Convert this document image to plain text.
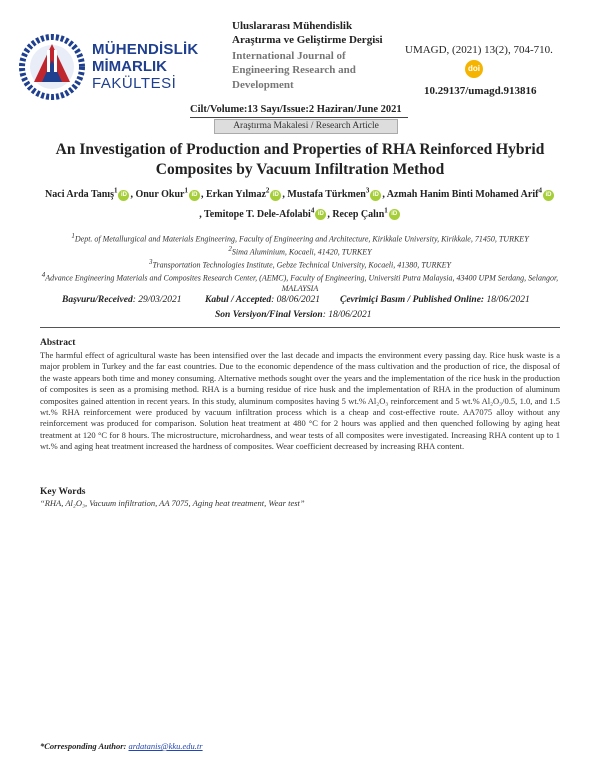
MÜHENDİSLİK
MİMARLIK
FAKÜLTESİ
Uluslararası Mühendislik
Araştırma ve Geliştirme Dergisi
International Journal of
Engineering Research and
Development
UMAGD, (2021) 13(2), 704-710.
doi
10.29137/umagd.913816
Cilt/Volume:13 Sayı/Issue:2 Haziran/June 2021
Araştırma Makalesi / Research Article
An Investigation of Production and Properties of RHA Reinforced Hybrid Composites by Vacuum Infiltration Method
Naci Arda Tanış$^1$ iD , Onur Okur$^1$ iD , Erkan Yılmaz$^2$ iD , Mustafa Türkmen$^3$ iD , Azmah Hanim Binti Mohamed Arif$^4$ iD
, Temitope T. Dele-Afolabi$^4$ iD , Recep Çalın$^1$ iD
$^1$Dept. of Metallurgical and Materials Engineering, Faculty of Engineering and Architecture, Kirikkale University, Kirikkale, 71450, TURKEY
$^2$Sima Aluminium, Kocaeli, 41420, TURKEY
$^3$Transportation Technologies Institute, Gebze Technical University, Kocaeli, 41380, TURKEY
$^4$Advance Engineering Materials and Composites Research Center, (AEMC), Faculty of Engineering, Universiti Putra Malaysia, 43400 UPM Serdang, Selangor, MALAYSIA
Başvuru/Received: 29/03/2021 Kabul / Accepted: 08/06/2021 Çevrimiçi Basım / Published Online: 18/06/2021
Son Versiyon/Final Version: 18/06/2021
Abstract
The harmful effect of agricultural waste has been intensified over the last decade and impacts the environment every passing day. Rice husk waste is a major problem in Turkey and the far east countries. Due to the economic dependence of the mass cultivation and the production of rice, the disposal of the waste appears both time and money consuming. Alternative methods sought over the years and the implementation of the rice husk in the production of composites is seen as a promising method. RHA is a burning residue of rice husk and the implementation of RHA in the production of aluminum composites gained attention in recent years. In this study, aluminum composites having 5 wt.% Al₂O₃ reinforcement and 5 wt.% Al₂O₃/0.5, 1.0, and 1.5 wt.% RHA reinforcement were produced by vacuum infiltration process which is a cheap and cost-effective route. AA7075 alloy without any reinforcement was produced for comparison. Solution heat treatment at 480 °C for 2 hours was applied and then quenched following by aging heat treatment at 120 °C for 8 hours. The microstructure, microhardness, and wear tests of all composites were investigated. Increasing RHA content up to 1 wt.% and aging heat treatment increased the hardness of composites. Wear coefficient decreased by increasing RHA content.
Key Words
“RHA, Al₂O₃, Vacuum infiltration, AA 7075, Aging heat treatment, Wear test”
*Corresponding Author: ardatanis@kku.edu.tr
